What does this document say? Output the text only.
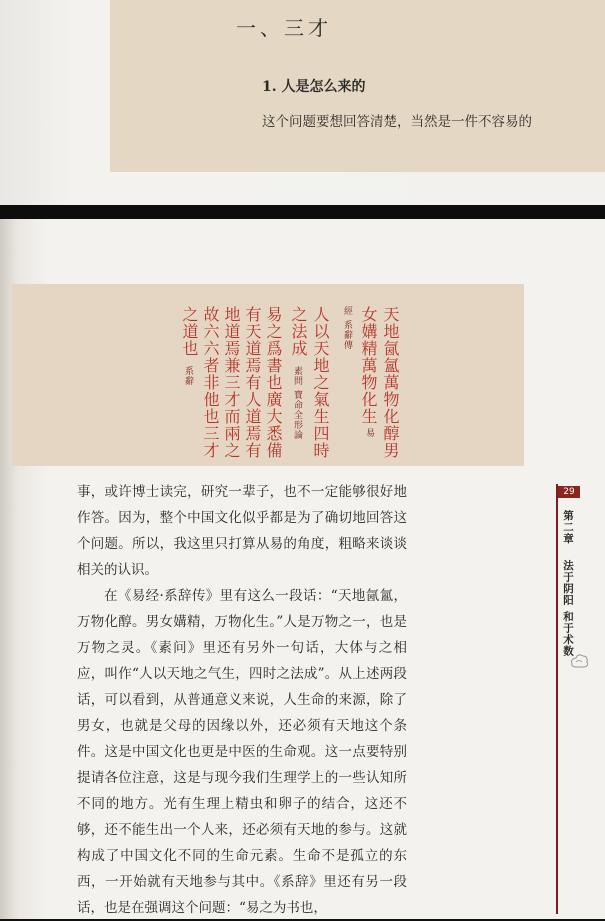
一、三才
1. 人是怎么来的
这个问题要想回答清楚，当然是一件不容易的
天地氤氳萬物化醇男
易
女媾精萬物化生
經 系辭傳
人以天地之氣生四時
之法成
素問 寶命全形論
易之爲書也廣大悉備
有天道焉有人道焉有
地道焉兼三才而兩之
故六六者非他也三才
之道也
系辭

事，或许博士读完，研究一辈子，也不一定能够很好地作答。因为，整个中国文化似乎都是为了确切地回答这个问题。所以，我这里只打算从易的角度，粗略来谈谈相关的认识。

在《易经·系辞传》里有这么一段话：“天地氤氳，万物化醇。男女媾精，万物化生。”人是万物之一，也是万物之灵。《素问》里还有另外一句话，大体与之相应，叫作“人以天地之气生，四时之法成”。从上述两段话，可以看到，从普通意义来说，人生命的来源，除了男女，也就是父母的因缘以外，还必须有天地这个条件。这是中国文化也更是中医的生命观。这一点要特别提请各位注意，这是与现今我们生理学上的一些认知所不同的地方。光有生理上精虫和卵子的结合，这还不够，还不能生出一个人来，还必须有天地的参与。这就构成了中国文化不同的生命元素。生命不是孤立的东西，一开始就有天地参与其中。《系辞》里还有另一段话，也是在强调这个问题：“易之为书也，

29
第二章
法于阴阳 和于术数
